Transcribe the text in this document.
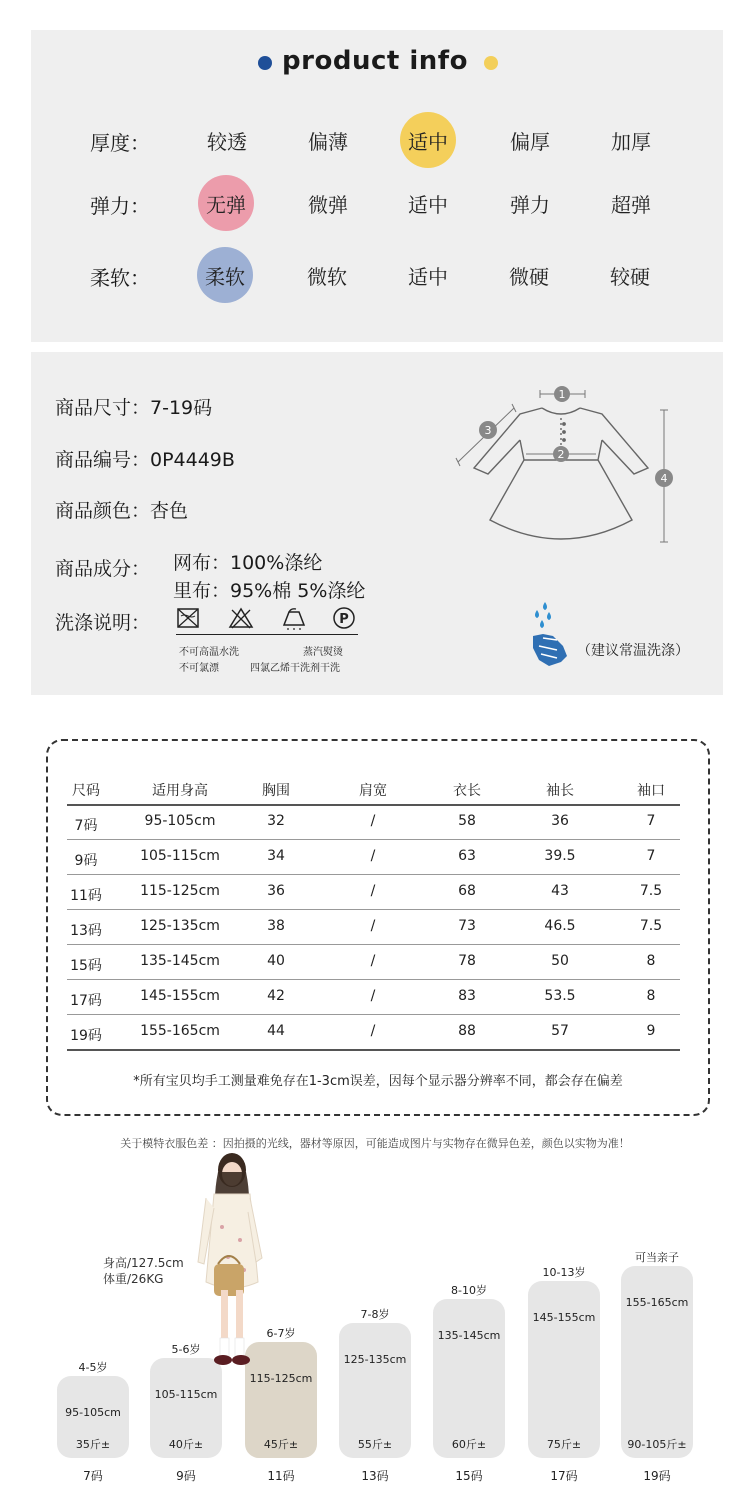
product info
厚度：	较透	偏薄	适中	偏厚	加厚
弹力：	无弹	微弹	适中	弹力	超弹
柔软：	柔软	微软	适中	微硬	较硬
商品尺寸：7-19码
商品编号：0P4449B
商品颜色：杏色
商品成分： 网布：100%涤纶
里布：95%棉 5%涤纶
洗涤说明：	P
不可高温水洗
不可氯漂
蒸汽熨烫
四氯乙烯干洗剂干洗
（建议常温洗涤）
1
2
3
4
尺码	适用身高	胸围	肩宽	衣长	袖长	袖口
7码	95-105cm	32	/	58	36	7
9码	105-115cm	34	/	63	39.5	7
11码	115-125cm	36	/	68	43	7.5
13码	125-135cm	38	/	73	46.5	7.5
15码	135-145cm	40	/	78	50	8
17码	145-155cm	42	/	83	53.5	8
19码	155-165cm	44	/	88	57	9
*所有宝贝均手工测量难免存在1-3cm误差，因每个显示器分辨率不同，都会存在偏差
关于模特衣服色差 ：因拍摄的光线，器材等原因，可能造成图片与实物存在微异色差，颜色以实物为准！
4-5岁
95-105cm
35斤±
7码
5-6岁
105-115cm
40斤±
9码
6-7岁
115-125cm
45斤±
11码
7-8岁
125-135cm
55斤±
13码
8-10岁
135-145cm
60斤±
15码
10-13岁
145-155cm
75斤±
17码
可当亲子
155-165cm
90-105斤±
19码
身高/127.5cm
体重/26KG
